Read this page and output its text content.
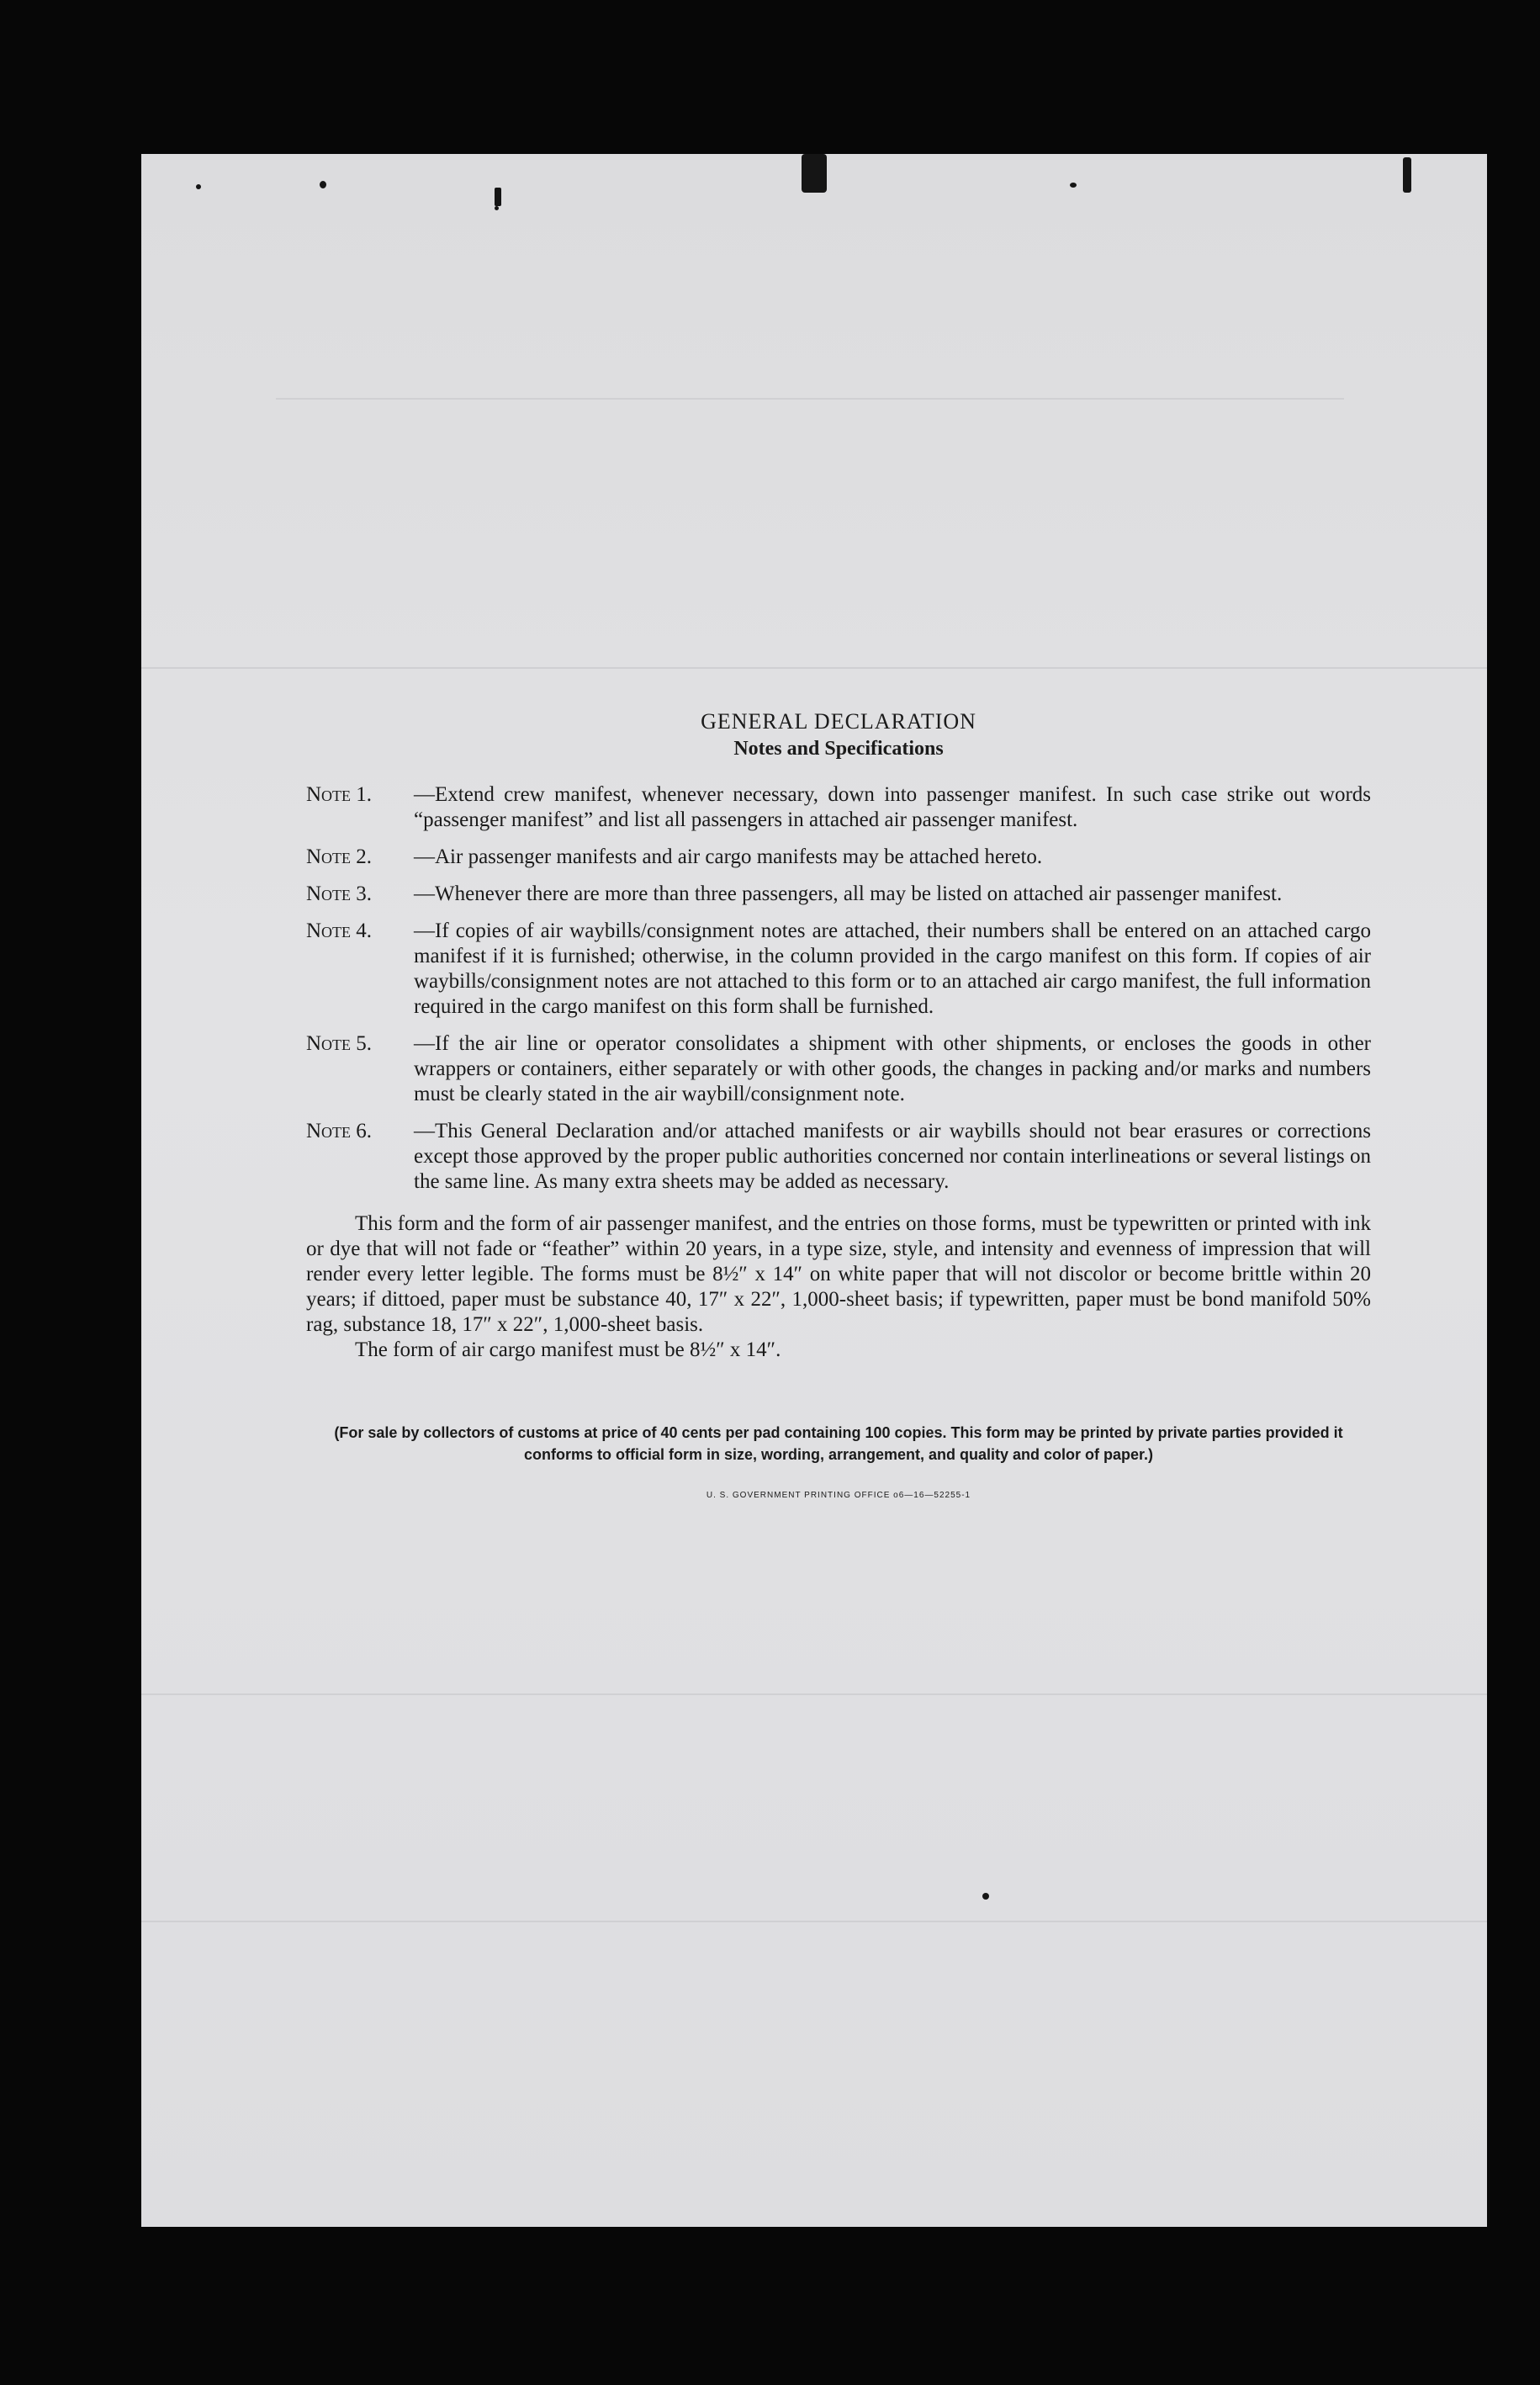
GENERAL DECLARATION
Notes and Specifications
Note 1.	—Extend crew manifest, whenever necessary, down into passenger manifest. In such case strike out words “passenger manifest” and list all passengers in attached air passenger manifest.
Note 2.	—Air passenger manifests and air cargo manifests may be attached hereto.
Note 3.	—Whenever there are more than three passengers, all may be listed on attached air passenger manifest.
Note 4.	—If copies of air waybills/consignment notes are attached, their numbers shall be entered on an attached cargo manifest if it is furnished; otherwise, in the column provided in the cargo manifest on this form. If copies of air waybills/consignment notes are not attached to this form or to an attached air cargo manifest, the full information required in the cargo manifest on this form shall be furnished.
Note 5.	—If the air line or operator consolidates a shipment with other shipments, or encloses the goods in other wrappers or containers, either separately or with other goods, the changes in packing and/or marks and numbers must be clearly stated in the air waybill/consignment note.
Note 6.	—This General Declaration and/or attached manifests or air waybills should not bear erasures or corrections except those approved by the proper public authorities concerned nor contain interlineations or several listings on the same line. As many extra sheets may be added as necessary.

This form and the form of air passenger manifest, and the entries on those forms, must be typewritten or printed with ink or dye that will not fade or “feather” within 20 years, in a type size, style, and intensity and evenness of impression that will render every letter legible. The forms must be 8½″ x 14″ on white paper that will not discolor or become brittle within 20 years; if dittoed, paper must be substance 40, 17″ x 22″, 1,000-sheet basis; if typewritten, paper must be bond manifold 50% rag, substance 18, 17″ x 22″, 1,000-sheet basis.

The form of air cargo manifest must be 8½″ x 14″.

(For sale by collectors of customs at price of 40 cents per pad containing 100 copies. This form may be printed by private parties provided it conforms to official form in size, wording, arrangement, and quality and color of paper.)
U. S. GOVERNMENT PRINTING OFFICE o6—16—52255-1
